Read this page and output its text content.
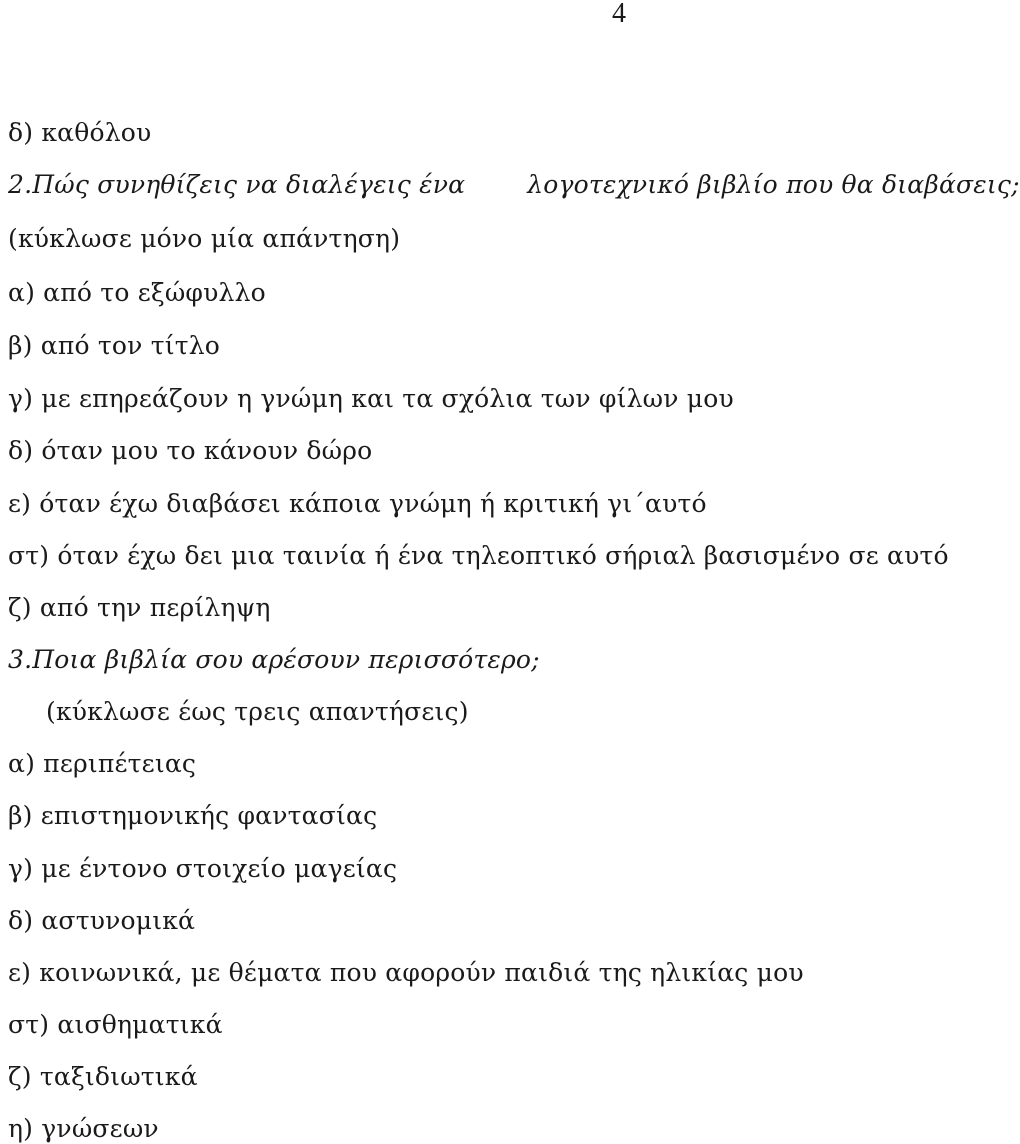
4
δ) καθόλου
2.Πώς συνηθίζεις να διαλέγεις ένα λογοτεχνικό βιβλίο που θα διαβάσεις;
(κύκλωσε μόνο μία απάντηση)
α) από το εξώφυλλο
β) από τον τίτλο
γ) με επηρεάζουν η γνώμη και τα σχόλια των φίλων μου
δ) όταν μου το κάνουν δώρο
ε) όταν έχω διαβάσει κάποια γνώμη ή κριτική γι΄αυτό
στ) όταν έχω δει μια ταινία ή ένα τηλεοπτικό σήριαλ βασισμένο σε αυτό
ζ) από την περίληψη
3.Ποια βιβλία σου αρέσουν περισσότερο;
(κύκλωσε έως τρεις απαντήσεις)
α) περιπέτειας
β) επιστημονικής φαντασίας
γ) με έντονο στοιχείο μαγείας
δ) αστυνομικά
ε) κοινωνικά, με θέματα που αφορούν παιδιά της ηλικίας μου
στ) αισθηματικά
ζ) ταξιδιωτικά
η) γνώσεων
